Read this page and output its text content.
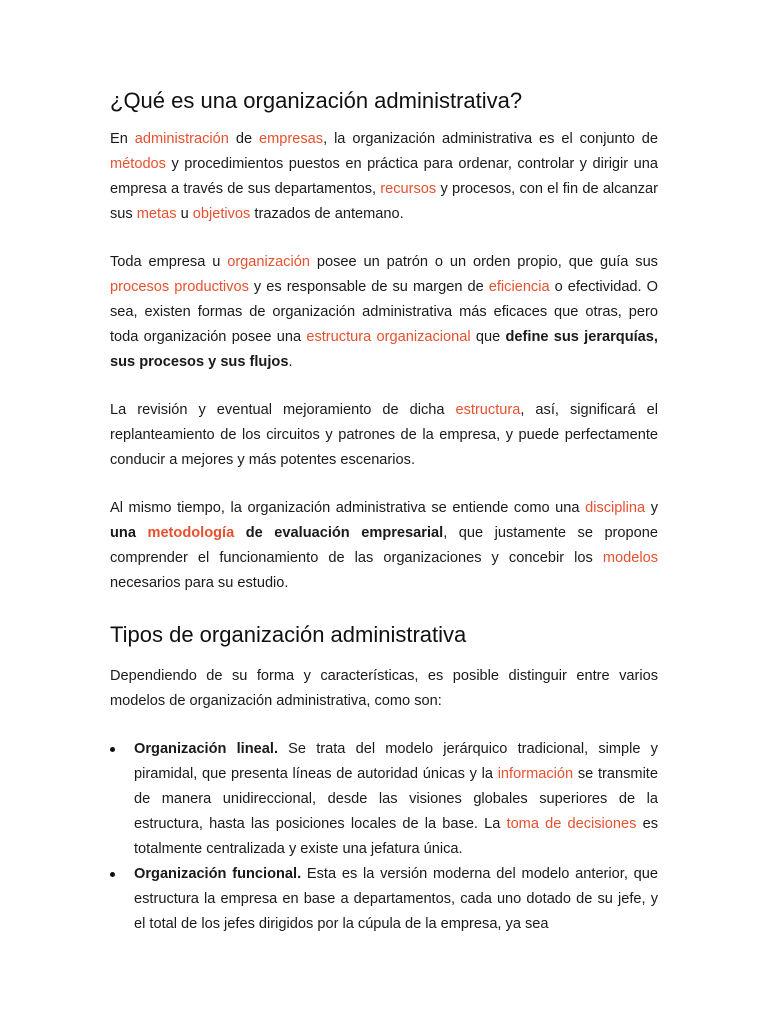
¿Qué es una organización administrativa?

En administración de empresas, la organización administrativa es el conjunto de métodos y procedimientos puestos en práctica para ordenar, controlar y dirigir una empresa a través de sus departamentos, recursos y procesos, con el fin de alcanzar sus metas u objetivos trazados de antemano.

Toda empresa u organización posee un patrón o un orden propio, que guía sus procesos productivos y es responsable de su margen de eficiencia o efectividad. O sea, existen formas de organización administrativa más eficaces que otras, pero toda organización posee una estructura organizacional que define sus jerarquías, sus procesos y sus flujos.

La revisión y eventual mejoramiento de dicha estructura, así, significará el replanteamiento de los circuitos y patrones de la empresa, y puede perfectamente conducir a mejores y más potentes escenarios.

Al mismo tiempo, la organización administrativa se entiende como una disciplina y una metodología de evaluación empresarial, que justamente se propone comprender el funcionamiento de las organizaciones y concebir los modelos necesarios para su estudio.

Tipos de organización administrativa

Dependiendo de su forma y características, es posible distinguir entre varios modelos de organización administrativa, como son:

Organización lineal. Se trata del modelo jerárquico tradicional, simple y piramidal, que presenta líneas de autoridad únicas y la información se transmite de manera unidireccional, desde las visiones globales superiores de la estructura, hasta las posiciones locales de la base. La toma de decisiones es totalmente centralizada y existe una jefatura única.
Organización funcional. Esta es la versión moderna del modelo anterior, que estructura la empresa en base a departamentos, cada uno dotado de su jefe, y el total de los jefes dirigidos por la cúpula de la empresa, ya sea
